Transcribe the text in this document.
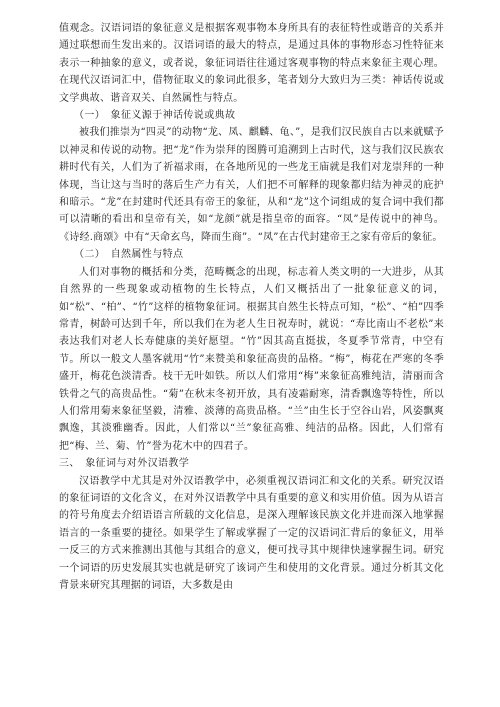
值观念。汉语词语的象征意义是根据客观事物本身所具有的表征特性或谐音的关系并通过联想而生发出来的。汉语词语的最大的特点，是通过具体的事物形态习性特征来表示一种抽象的意义，或者说，象征词语往往通过客观事物的特点来象征主观心理。在现代汉语词汇中，借物征取义的象词此很多，笔者划分大致归为三类：神话传说或文学典故、谐音双关、自然属性与特点。

（一）　象征义源于神话传说或典故

被我们推崇为“四灵”的动物“龙、凤、麒麟、龟、”，是我们汉民族自古以来就赋予以神灵和传说的动物。把“龙”作为崇拜的图腾可追溯到上古时代，这与我们汉民族农耕时代有关，人们为了祈福求雨，在各地所见的一些龙王庙就是我们对龙崇拜的一种体现，当让这与当时的落后生产力有关，人们把不可解释的现象都归结为神灵的庇护和暗示。“龙”在封建时代还具有帝王的象征，从和“龙”这个词组成的复合词中我们都可以清晰的看出和皇帝有关，如“龙颜”就是指皇帝的面容。“凤”是传说中的神鸟。《诗经.商颂》中有“天命玄鸟，降而生商”。“凤”在古代封建帝王之家有帝后的象征。

（二）　自然属性与特点

人们对事物的概括和分类，范畴概念的出现，标志着人类文明的一大进步，从其自然界的一些现象或动植物的生长特点，人们又概括出了一批象征意义的词，如“松”、“柏”、“竹”这样的植物象征词。根据其自然生长特点可知，“松”、“柏”四季常青，树龄可达到千年，所以我们在为老人生日祝寿时，就说：“寿比南山不老松”来表达我们对老人长寿健康的美好愿望。“竹”因其高直挺拔，冬夏季节常青，中空有节。所以一般文人墨客就用“竹”来赞美和象征高贵的品格。“梅”，梅花在严寒的冬季盛开，梅花色淡清香。枝干无叶如铁。所以人们常用“梅”来象征高雅纯洁，清丽而含铁骨之气的高贵品性。“菊”在秋末冬初开放，具有凌霜耐寒，清香飘逸等特性，所以人们常用菊来象征坚毅，清雅、淡薄的高贵品格。“兰”由生长于空谷山岩，风姿飘爽飘逸，其淡雅幽香。因此，人们常以“兰”象征高雅、纯洁的品格。因此，人们常有把“梅、兰、菊、竹”誉为花木中的四君子。

三、　象征词与对外汉语教学

汉语教学中尤其是对外汉语教学中，必须重视汉语词汇和文化的关系。研究汉语的象征词语的文化含义，在对外汉语教学中具有重要的意义和实用价值。因为从语言的符号角度去介绍语语言所载的文化信息，是深入理解该民族文化并进而深入地掌握语言的一条重要的捷径。如果学生了解或掌握了一定的汉语词汇背后的象征义，用举一反三的方式来推测出其他与其组合的意义，便可找寻其中规律快速掌握生词。研究一个词语的历史发展其实也就是研究了该词产生和使用的文化背景。通过分析其文化背景来研究其理据的词语，大多数是由
